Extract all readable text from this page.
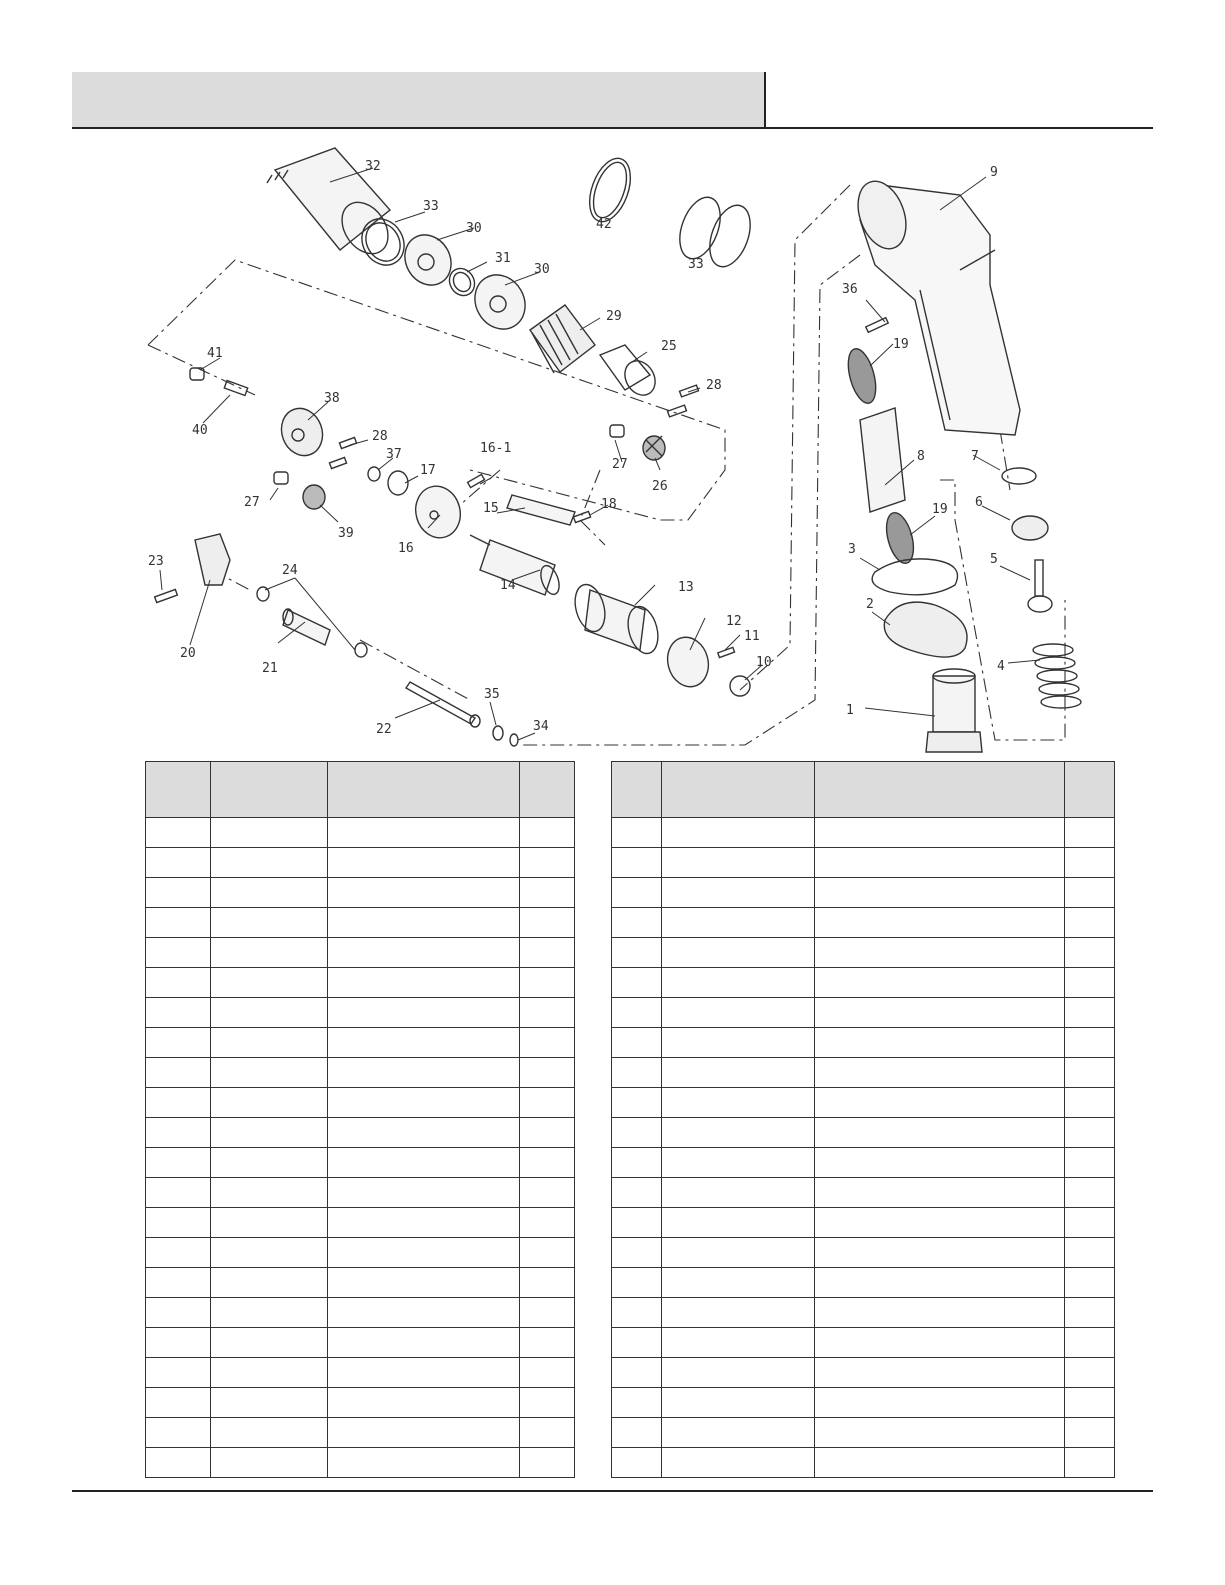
1
2
3
4
5
6
7
8
9
10
11
12
13
14
15
16
16-1
17
18
19
19
20
21
22
23
24
25
26
27
27
28
28
29
30
30
31
32
33
33
34
35
36
37
38
39
40
41
42
